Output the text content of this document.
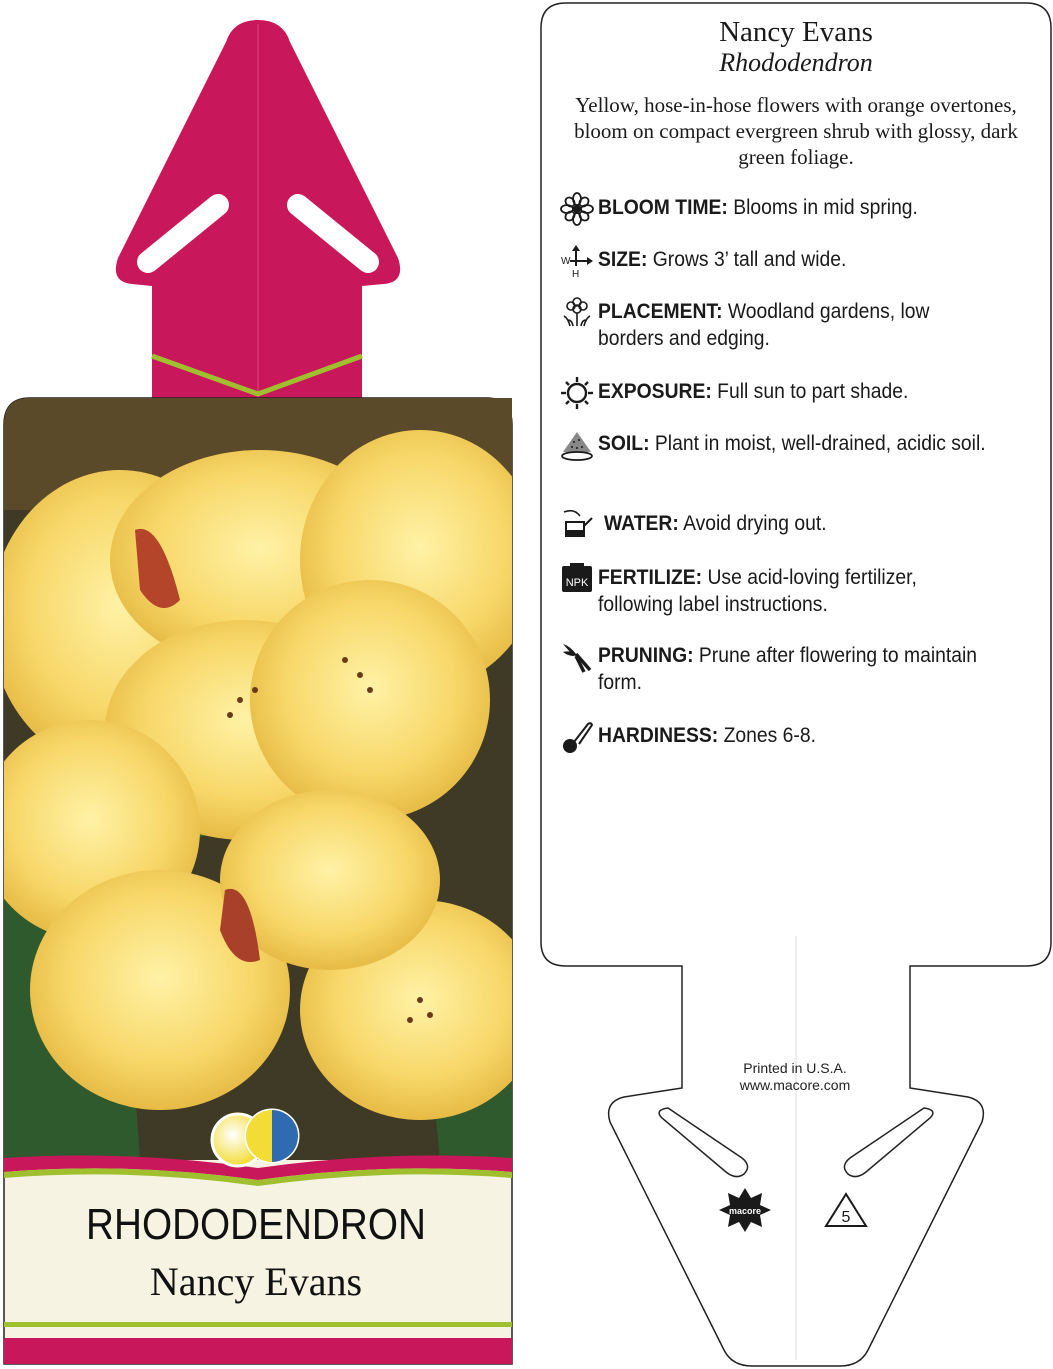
macore	5
Nancy Evans
Rhododendron
Yellow, hose-in-hose flowers with orange overtones, bloom on compact evergreen shrub with glossy, dark green foliage.
BLOOM TIME: Blooms in mid spring.
W
H
SIZE: Grows 3’ tall and wide.
PLACEMENT: Woodland gardens, low borders and edging.
EXPOSURE: Full sun to part shade.
SOIL: Plant in moist, well-drained, acidic soil.
WATER: Avoid drying out.
NPK FERTILIZE: Use acid-loving fertilizer, following label instructions.
PRUNING: Prune after flowering to maintain form.
HARDINESS: Zones 6-8.
Printed in U.S.A.
www.macore.com
RHODODENDRON
Nancy Evans
